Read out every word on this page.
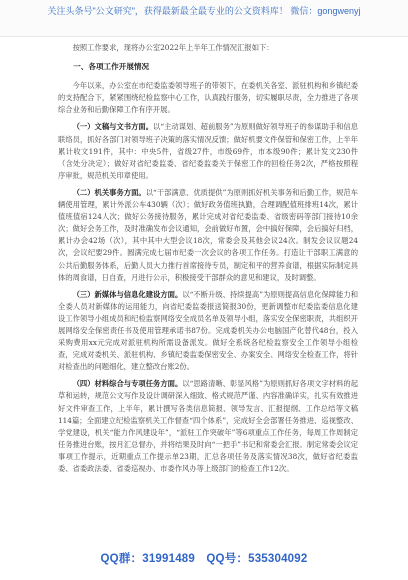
关注头条号"公文研究"，获得最新最全最专业的公文资料库！ 微信：gongwenyj

按照工作要求，现将办公室2022年上半年工作情况汇报如下：

一、各项工作开展情况

今年以来，办公室在市纪委监委领导班子的带领下，在委机关各室、派驻机构和乡镇纪委的支持配合下，紧紧围绕纪检监察中心工作，认真践行服务，切实履职尽责，全力推进了各项综合业务和后勤保障工作有序开展。

（一）文稿与文书方面。以“主动谋划、超前服务”为原则做好领导班子的参谋助手和信息联络员，抓好各部门对领导班子决策的落实情况反馈；做好机要文件保管和保密工作，上半年累计收文191件，其中：中央5件，省级27件，市级69件，市本级90件；累计发文230件（含处分决定）；做好对省纪委监委、省纪委监委关于保密工作的回检任务2次，严格按照程序审批，规范机关印章使用。

（二）机关事务方面。以“干部满意、优质提供”为原则抓好机关事务和后勤工作，规范车辆使用管理，累计外派公车430辆（次）；做好政务值班执勤，合理调配值班排班14次，累计值班值宿124人次；做好公务接待服务，累计完成对省纪委监委、省级密码等部门接待10余次；做好会务工作，及时准确发布会议通知，会前做好布置，会中搞好保障，会后搞好归档，累计办会42场（次），其中其中大型会议18次，常委会及其他会议24次。制发会议议题24次，会议纪要29件。圆满完成七届市纪委一次会议的各项工作任务。打造让干部职工满意的公共后勤服务体系，后勤人员大力推行首席接待专员，制定和平的营养食谱，根据实际制定具体的周食谱，日自查，月进行公示，积极接受干部群众的意见和建议，及时调整。

（三）新媒体与信息化建设方面。以“不断升级、持续提高”为原则提高信息化保障能力和全委人员对新媒体的运用能力，向省纪委监委报送简报30份，更新调整市纪委监委信息化建设工作领导小组成员和纪检监察网络安全成员名单及领导小组，落实安全保密职责，共组织开展网络安全保密责任书及使用管理承诺书87份。完成委机关办公电脑国产化替代48台，投入采购费用xx元完成对派驻机构所需设备派发。做好全系统各纪检监察安全工作领导小组检查，完成对委机关、派驻机构、乡镇纪委监委保密安全、办案安全、网络安全检查工作，将针对检查出的问题细化，建立整改台账2份。

（四）材料综合与专项任务方面。以“思路清晰、彰显风格”为原则抓好各项文字材料的起草和运转，规范公文写作及设计调研深入细致、格式规范严谨、内容准确详实，扎实有效推进好文件审查工作，上半年，累计撰写各类信息简报、领导发言、汇报提纲、工作总结等文稿114篇；全面建立纪检监察机关工作督查“四个体系”，完成好全会部署任务推进、巡视整改、学党建设，机关“能力作风建设年”，“派驻工作突破年”等6项重点工作任务，每周工作周制定任务推进台账，按月汇总督办，并将结果及时向“一把手”书记和常委会汇报。制定常委会议定事项工作提示，近期重点工作提示单23期，汇总各项任务及落实情况38次，做好省纪委监委、省委政法委、省委巡视办、市委作风办等上级部门的检查工作12次。

QQ群：31991489 QQ号：535304092
